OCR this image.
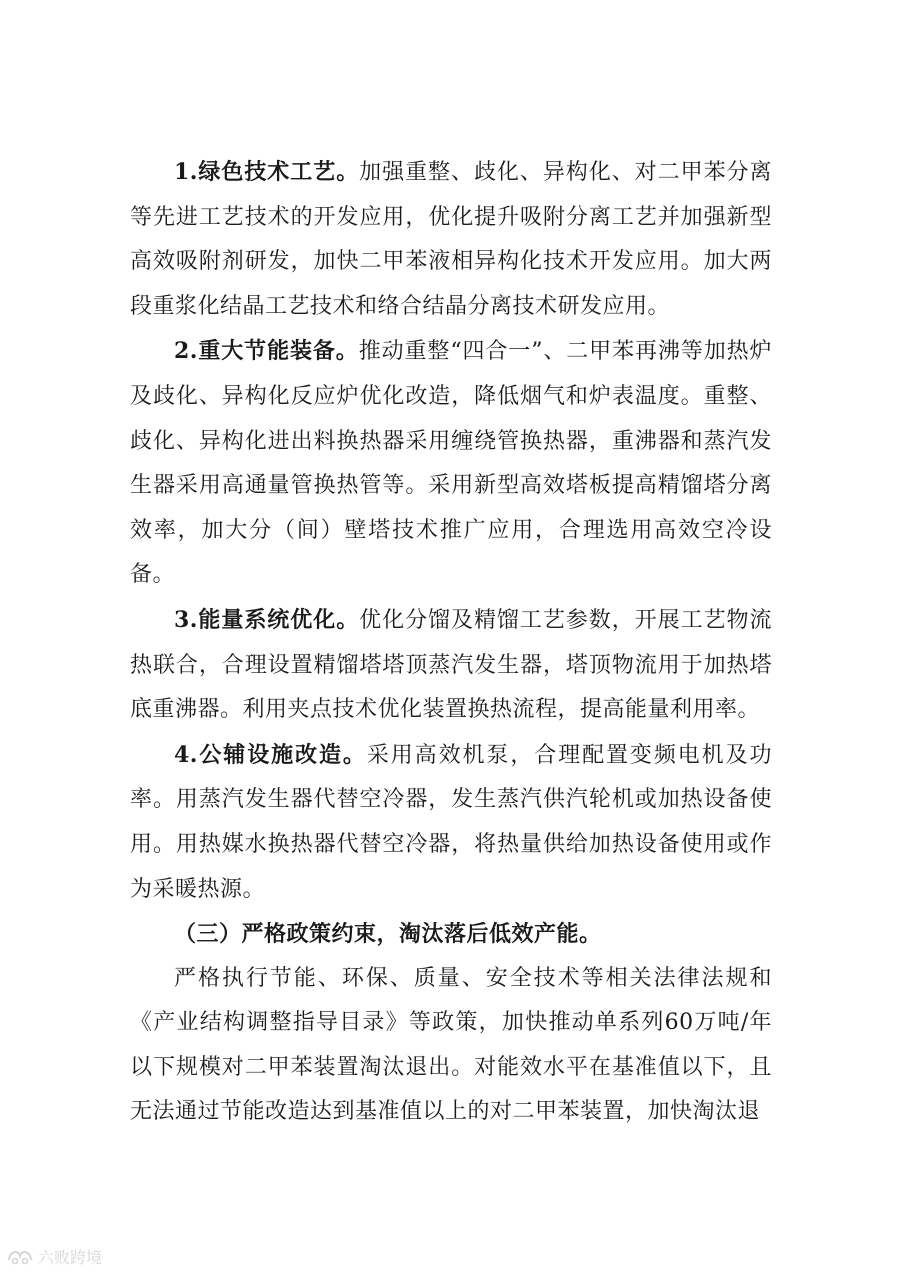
1.绿色技术工艺。加强重整、歧化、异构化、对二甲苯分离等先进工艺技术的开发应用，优化提升吸附分离工艺并加强新型高效吸附剂研发，加快二甲苯液相异构化技术开发应用。加大两段重浆化结晶工艺技术和络合结晶分离技术研发应用。

2.重大节能装备。推动重整“四合一”、二甲苯再沸等加热炉及歧化、异构化反应炉优化改造，降低烟气和炉表温度。重整、歧化、异构化进出料换热器采用缠绕管换热器，重沸器和蒸汽发生器采用高通量管换热管等。采用新型高效塔板提高精馏塔分离效率，加大分（间）壁塔技术推广应用，合理选用高效空冷设备。

3.能量系统优化。优化分馏及精馏工艺参数，开展工艺物流热联合，合理设置精馏塔塔顶蒸汽发生器，塔顶物流用于加热塔底重沸器。利用夹点技术优化装置换热流程，提高能量利用率。

4.公辅设施改造。采用高效机泵，合理配置变频电机及功率。用蒸汽发生器代替空冷器，发生蒸汽供汽轮机或加热设备使用。用热媒水换热器代替空冷器，将热量供给加热设备使用或作为采暖热源。

（三）严格政策约束，淘汰落后低效产能。

严格执行节能、环保、质量、安全技术等相关法律法规和《产业结构调整指导目录》等政策，加快推动单系列60万吨/年以下规模对二甲苯装置淘汰退出。对能效水平在基准值以下，且无法通过节能改造达到基准值以上的对二甲苯装置，加快淘汰退

六败跨境
